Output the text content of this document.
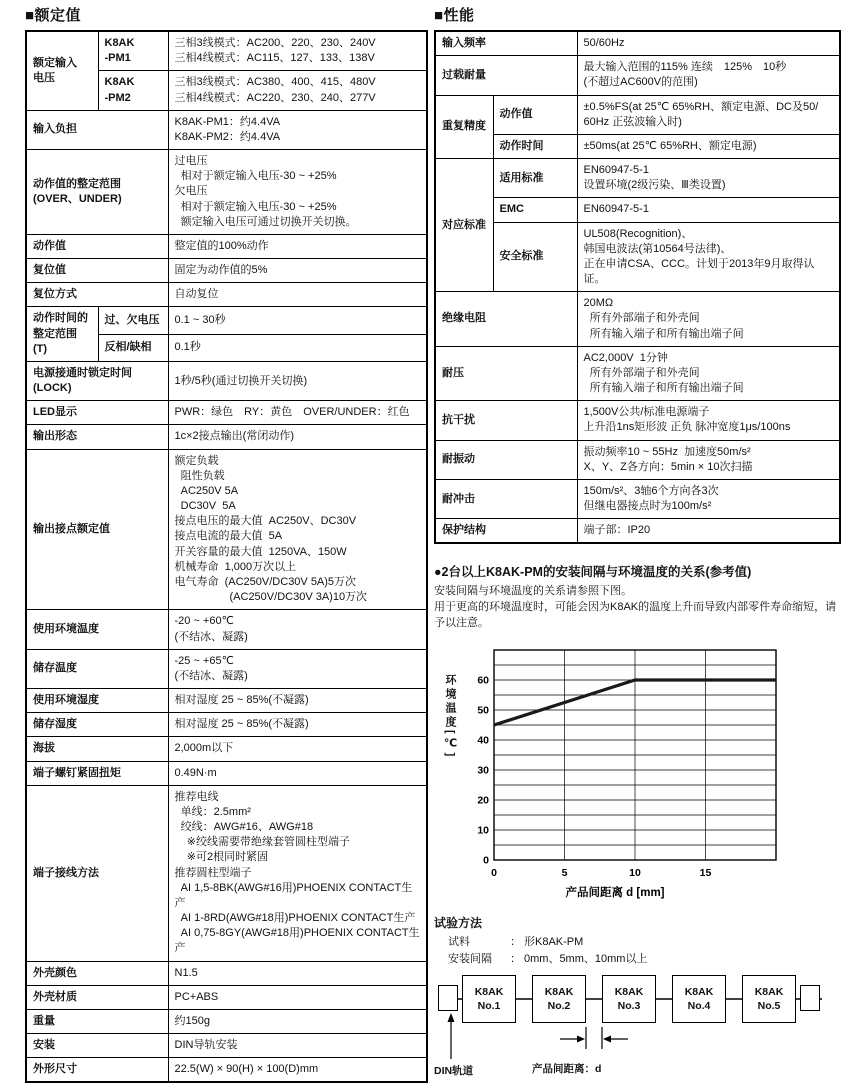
■额定值
额定输入
电压	K8AK
-PM1	三相3线模式：AC200、220、230、240V
三相4线模式：AC115、127、133、138V
	K8AK
-PM2	三相3线模式：AC380、400、415、480V
三相4线模式：AC220、230、240、277V
输入负担		K8AK-PM1：约4.4VA
K8AK-PM2：约4.4VA
动作值的整定范围
(OVER、UNDER)		过电压
相对于额定输入电压-30 ~ +25%
欠电压
相对于额定输入电压-30 ~ +25%
额定输入电压可通过切换开关切换。
动作值		整定值的100%动作
复位值		固定为动作值的5%
复位方式		自动复位
动作时间的
整定范围
(T)	过、欠电压	0.1 ~ 30秒
	反相/缺相	0.1秒
电源接通时锁定时间
(LOCK)		1秒/5秒(通过切换开关切换)
LED显示		PWR：绿色　RY：黄色　OVER/UNDER：红色
输出形态		1c×2接点输出(常闭动作)
输出接点额定值	额定负载
阻性负载
AC250V 5A
DC30V  5A
接点电压的最大值  AC250V、DC30V
接点电流的最大值  5A
开关容量的最大值  1250VA、150W
机械寿命  1,000万次以上
电气寿命  (AC250V/DC30V 5A)5万次
　　　　　(AC250V/DC30V 3A)10万次
使用环境温度		-20 ~ +60℃
(不结冰、凝露)
储存温度		-25 ~ +65℃
(不结冰、凝露)
使用环境湿度		相对湿度 25 ~ 85%(不凝露)
储存湿度		相对湿度 25 ~ 85%(不凝露)
海拔		2,000m以下
端子螺钉紧固扭矩		0.49N·m
端子接线方法	推荐电线
单线：2.5mm²
绞线：AWG#16、AWG#18
※绞线需要带绝缘套管圆柱型端子
※可2根同时紧固
推荐圆柱型端子
AI 1,5-8BK(AWG#16用)PHOENIX CONTACT生产
AI 1-8RD(AWG#18用)PHOENIX CONTACT生产
AI 0,75-8GY(AWG#18用)PHOENIX CONTACT生产
外壳颜色		N1.5
外壳材质		PC+ABS
重量		约150g
安装		DIN导轨安装
外形尺寸		22.5(W) × 90(H) × 100(D)mm
■性能
输入频率		50/60Hz
过载耐量		最大输入范围的115% 连续　125%　10秒
(不超过AC600V的范围)
重复精度	动作值	±0.5%FS(at 25℃ 65%RH、额定电源、DC及50/
60Hz 正弦波输入时)
	动作时间	±50ms(at 25℃ 65%RH、额定电源)
对应标准	适用标准	EN60947-5-1
设置环境(2级污染、Ⅲ类设置)
	EMC	EN60947-5-1
	安全标准	UL508(Recognition)、
韩国电波法(第10564号法律)、
正在申请CSA、CCC。计划于2013年9月取得认证。
绝缘电阻		20MΩ
所有外部端子和外壳间
所有输入端子和所有输出端子间
耐压		AC2,000V  1分钟
所有外部端子和外壳间
所有输入端子和所有输出端子间
抗干扰		1,500V公共/标准电源端子
上升沿1ns矩形波 正负 脉冲宽度1μs/100ns
耐振动		振动频率10 ~ 55Hz  加速度50m/s²
X、Y、Z各方向：5min × 10次扫描
耐冲击		150m/s²、3轴6个方向各3次
但继电器接点时为100m/s²
保护结构		端子部：IP20

●2台以上K8AK-PM的安装间隔与环境温度的关系(参考值)

安装间隔与环境温度的关系请参照下图。
用于更高的环境温度时，可能会因为K8AK的温度上升而导致内部零件寿命缩短，请予以注意。

环境温度[℃]
0
10
20
30
40
50
60
0	5	10	15
产品间距离 d [mm]

试验方法

试料	： 形K8AK-PM
安装间隔	： 0mm、5mm、10mm以上
K8AK
No.1
K8AK
No.2
K8AK
No.3
K8AK
No.4
K8AK
No.5
DIN轨道	产品间距离：d
